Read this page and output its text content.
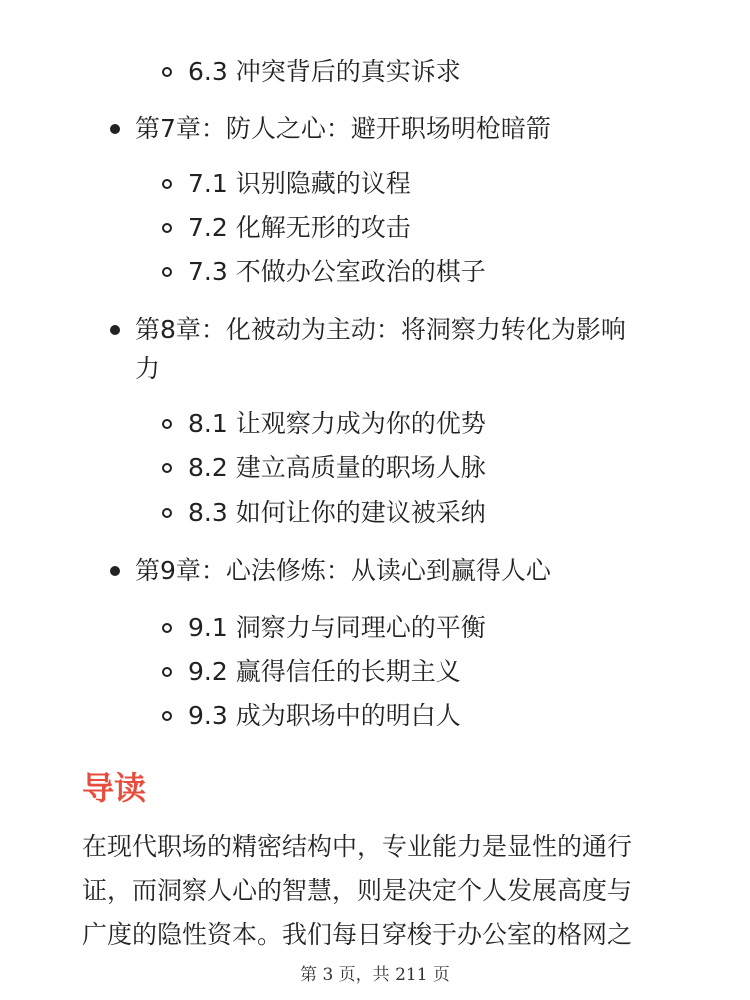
6.3 冲突背后的真实诉求
第7章：防人之心：避开职场明枪暗箭
7.1 识别隐藏的议程
7.2 化解无形的攻击
7.3 不做办公室政治的棋子
第8章：化被动为主动：将洞察力转化为影响
力
8.1 让观察力成为你的优势
8.2 建立高质量的职场人脉
8.3 如何让你的建议被采纳
第9章：心法修炼：从读心到赢得人心
9.1 洞察力与同理心的平衡
9.2 赢得信任的长期主义
9.3 成为职场中的明白人
导读
在现代职场的精密结构中，专业能力是显性的通行
证，而洞察人心的智慧，则是决定个人发展高度与
广度的隐性资本。我们每日穿梭于办公室的格网之
第 3 页，共 211 页
